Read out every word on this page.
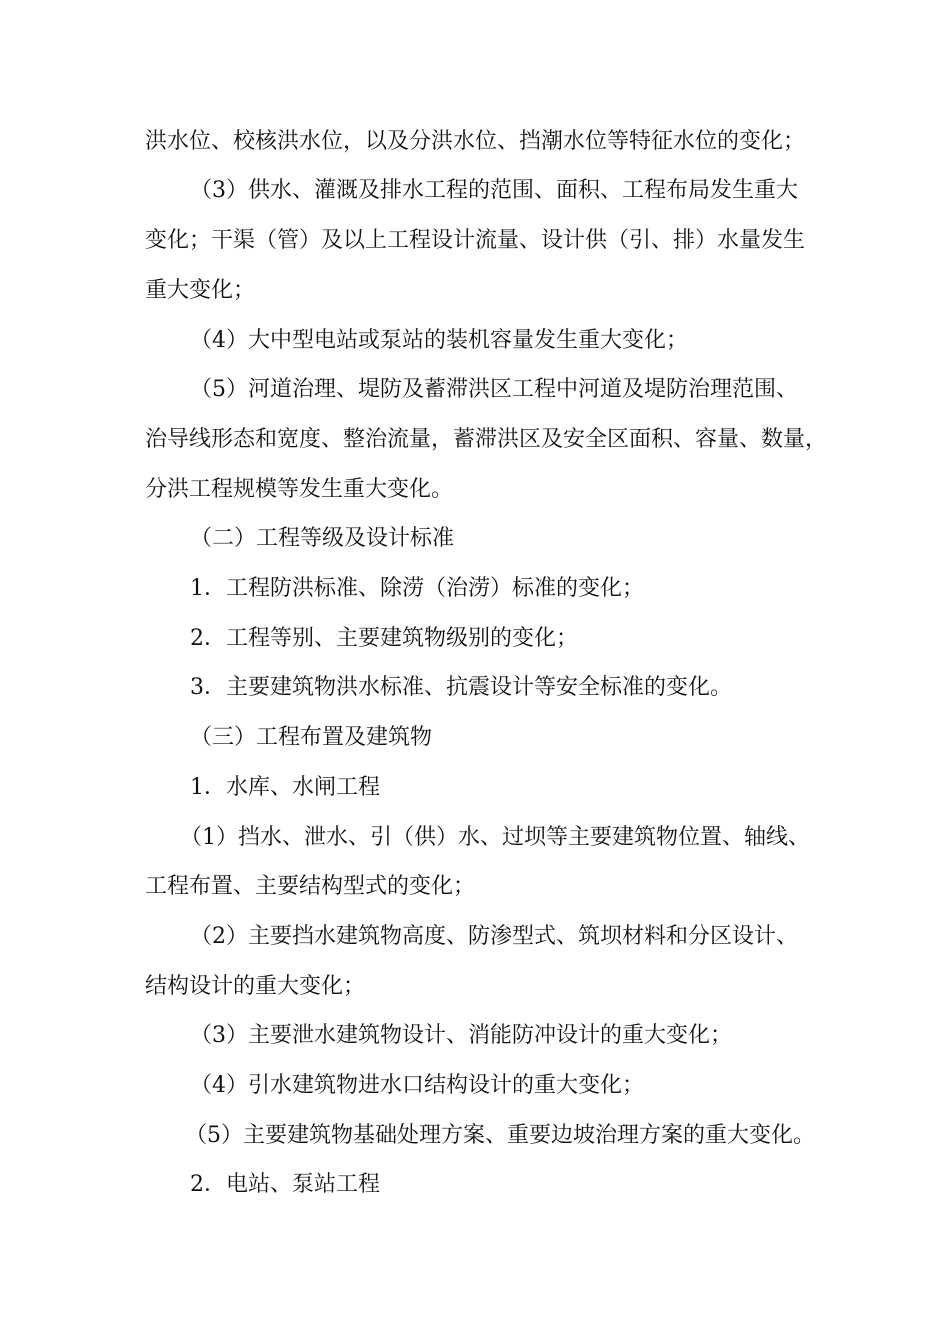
洪水位、校核洪水位，以及分洪水位、挡潮水位等特征水位的变化；
（3）供水、灌溉及排水工程的范围、面积、工程布局发生重大
变化；干渠（管）及以上工程设计流量、设计供（引、排）水量发生
重大变化；
（4）大中型电站或泵站的装机容量发生重大变化；
（5）河道治理、堤防及蓄滞洪区工程中河道及堤防治理范围、
治导线形态和宽度、整治流量，蓄滞洪区及安全区面积、容量、数量，
分洪工程规模等发生重大变化。
（二）工程等级及设计标准
1．工程防洪标准、除涝（治涝）标准的变化；
2．工程等别、主要建筑物级别的变化；
3．主要建筑物洪水标准、抗震设计等安全标准的变化。
（三）工程布置及建筑物
1．水库、水闸工程
（1）挡水、泄水、引（供）水、过坝等主要建筑物位置、轴线、
工程布置、主要结构型式的变化；
（2）主要挡水建筑物高度、防渗型式、筑坝材料和分区设计、
结构设计的重大变化；
（3）主要泄水建筑物设计、消能防冲设计的重大变化；
（4）引水建筑物进水口结构设计的重大变化；
（5）主要建筑物基础处理方案、重要边坡治理方案的重大变化。
2．电站、泵站工程
